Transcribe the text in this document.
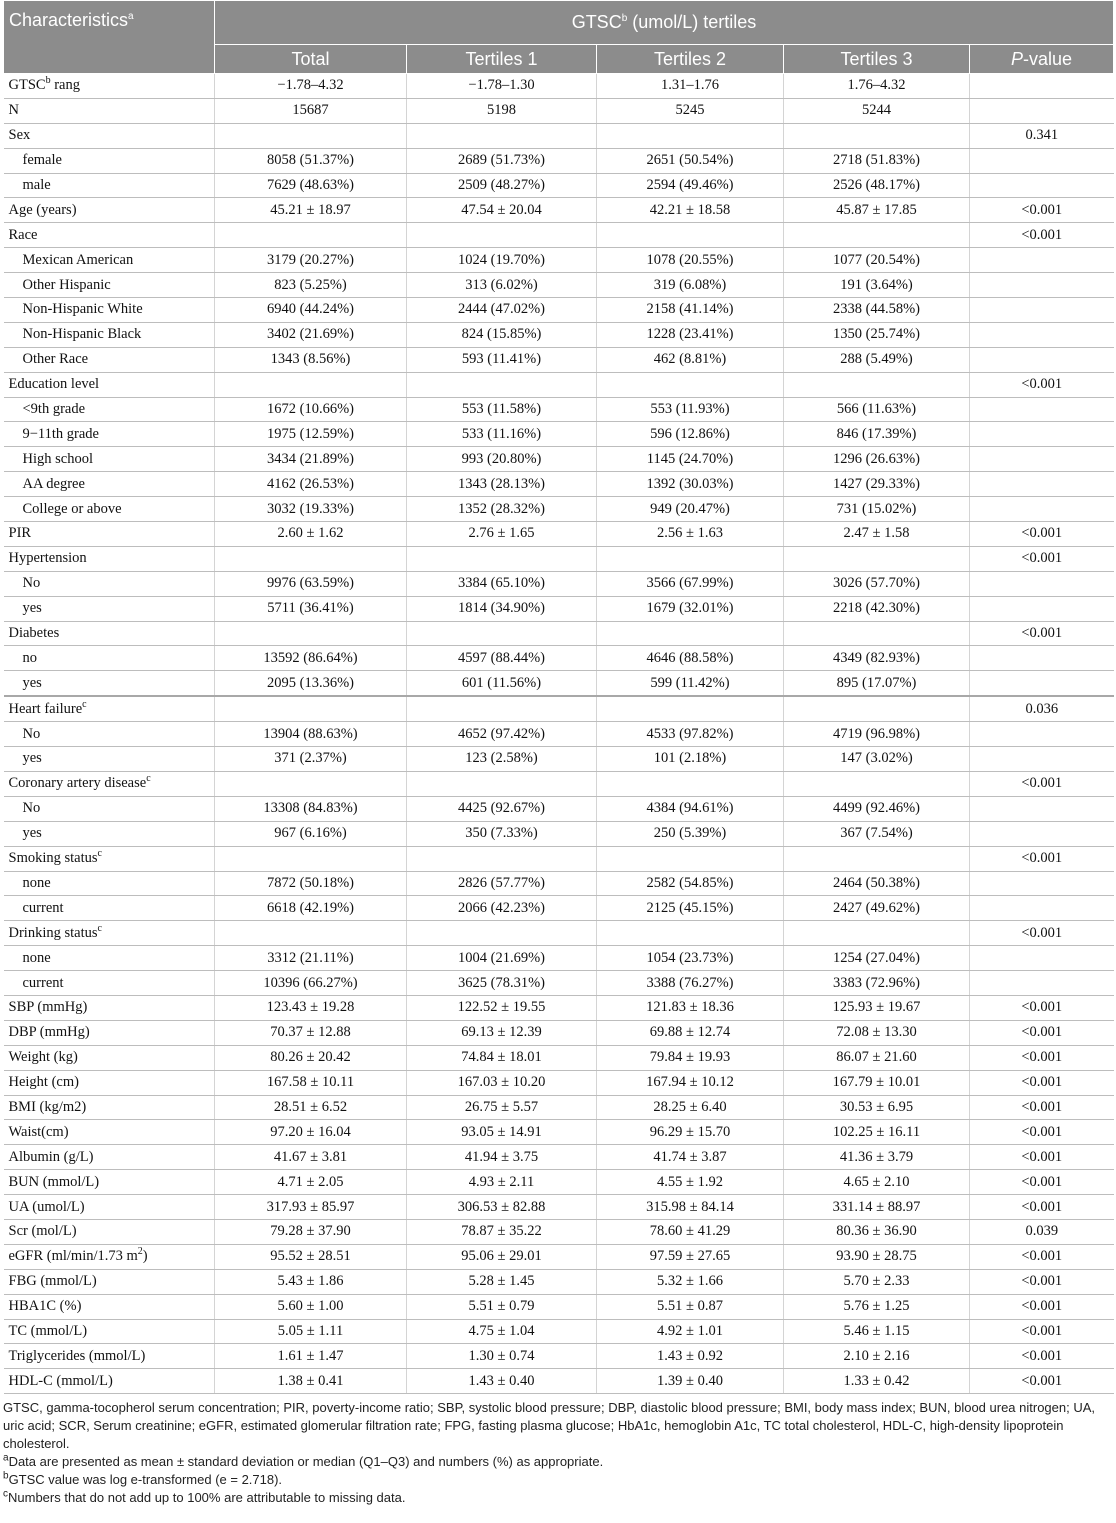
Characteristics$^a$	GTSC$^b$ (umol/L) tertiles				
	Total	Tertiles 1	Tertiles 2	Tertiles 3	P-value
GTSC$^b$ rang	−1.78–4.32	−1.78–1.30	1.31–1.76	1.76–4.32	
N	15687	5198	5245	5244	
Sex					0.341
female	8058 (51.37%)	2689 (51.73%)	2651 (50.54%)	2718 (51.83%)	
male	7629 (48.63%)	2509 (48.27%)	2594 (49.46%)	2526 (48.17%)	
Age (years)	45.21 ± 18.97	47.54 ± 20.04	42.21 ± 18.58	45.87 ± 17.85	<0.001
Race					<0.001
Mexican American	3179 (20.27%)	1024 (19.70%)	1078 (20.55%)	1077 (20.54%)	
Other Hispanic	823 (5.25%)	313 (6.02%)	319 (6.08%)	191 (3.64%)	
Non-Hispanic White	6940 (44.24%)	2444 (47.02%)	2158 (41.14%)	2338 (44.58%)	
Non-Hispanic Black	3402 (21.69%)	824 (15.85%)	1228 (23.41%)	1350 (25.74%)	
Other Race	1343 (8.56%)	593 (11.41%)	462 (8.81%)	288 (5.49%)	
Education level					<0.001
<9th grade	1672 (10.66%)	553 (11.58%)	553 (11.93%)	566 (11.63%)	
9−11th grade	1975 (12.59%)	533 (11.16%)	596 (12.86%)	846 (17.39%)	
High school	3434 (21.89%)	993 (20.80%)	1145 (24.70%)	1296 (26.63%)	
AA degree	4162 (26.53%)	1343 (28.13%)	1392 (30.03%)	1427 (29.33%)	
College or above	3032 (19.33%)	1352 (28.32%)	949 (20.47%)	731 (15.02%)	
PIR	2.60 ± 1.62	2.76 ± 1.65	2.56 ± 1.63	2.47 ± 1.58	<0.001
Hypertension					<0.001
No	9976 (63.59%)	3384 (65.10%)	3566 (67.99%)	3026 (57.70%)	
yes	5711 (36.41%)	1814 (34.90%)	1679 (32.01%)	2218 (42.30%)	
Diabetes					<0.001
no	13592 (86.64%)	4597 (88.44%)	4646 (88.58%)	4349 (82.93%)	
yes	2095 (13.36%)	601 (11.56%)	599 (11.42%)	895 (17.07%)	
Heart failure$^c$					0.036
No	13904 (88.63%)	4652 (97.42%)	4533 (97.82%)	4719 (96.98%)	
yes	371 (2.37%)	123 (2.58%)	101 (2.18%)	147 (3.02%)	
Coronary artery disease$^c$					<0.001
No	13308 (84.83%)	4425 (92.67%)	4384 (94.61%)	4499 (92.46%)	
yes	967 (6.16%)	350 (7.33%)	250 (5.39%)	367 (7.54%)	
Smoking status$^c$					<0.001
none	7872 (50.18%)	2826 (57.77%)	2582 (54.85%)	2464 (50.38%)	
current	6618 (42.19%)	2066 (42.23%)	2125 (45.15%)	2427 (49.62%)	
Drinking status$^c$					<0.001
none	3312 (21.11%)	1004 (21.69%)	1054 (23.73%)	1254 (27.04%)	
current	10396 (66.27%)	3625 (78.31%)	3388 (76.27%)	3383 (72.96%)	
SBP (mmHg)	123.43 ± 19.28	122.52 ± 19.55	121.83 ± 18.36	125.93 ± 19.67	<0.001
DBP (mmHg)	70.37 ± 12.88	69.13 ± 12.39	69.88 ± 12.74	72.08 ± 13.30	<0.001
Weight (kg)	80.26 ± 20.42	74.84 ± 18.01	79.84 ± 19.93	86.07 ± 21.60	<0.001
Height (cm)	167.58 ± 10.11	167.03 ± 10.20	167.94 ± 10.12	167.79 ± 10.01	<0.001
BMI (kg/m2)	28.51 ± 6.52	26.75 ± 5.57	28.25 ± 6.40	30.53 ± 6.95	<0.001
Waist(cm)	97.20 ± 16.04	93.05 ± 14.91	96.29 ± 15.70	102.25 ± 16.11	<0.001
Albumin (g/L)	41.67 ± 3.81	41.94 ± 3.75	41.74 ± 3.87	41.36 ± 3.79	<0.001
BUN (mmol/L)	4.71 ± 2.05	4.93 ± 2.11	4.55 ± 1.92	4.65 ± 2.10	<0.001
UA (umol/L)	317.93 ± 85.97	306.53 ± 82.88	315.98 ± 84.14	331.14 ± 88.97	<0.001
Scr (mol/L)	79.28 ± 37.90	78.87 ± 35.22	78.60 ± 41.29	80.36 ± 36.90	0.039
eGFR (ml/min/1.73 $m^2$)	95.52 ± 28.51	95.06 ± 29.01	97.59 ± 27.65	93.90 ± 28.75	<0.001
FBG (mmol/L)	5.43 ± 1.86	5.28 ± 1.45	5.32 ± 1.66	5.70 ± 2.33	<0.001
HBA1C (%)	5.60 ± 1.00	5.51 ± 0.79	5.51 ± 0.87	5.76 ± 1.25	<0.001
TC (mmol/L)	5.05 ± 1.11	4.75 ± 1.04	4.92 ± 1.01	5.46 ± 1.15	<0.001
Triglycerides (mmol/L)	1.61 ± 1.47	1.30 ± 0.74	1.43 ± 0.92	2.10 ± 2.16	<0.001
HDL-C (mmol/L)	1.38 ± 0.41	1.43 ± 0.40	1.39 ± 0.40	1.33 ± 0.42	<0.001

GTSC, gamma-tocopherol serum concentration; PIR, poverty-income ratio; SBP, systolic blood pressure; DBP, diastolic blood pressure; BMI, body mass index; BUN, blood urea nitrogen; UA, uric acid; SCR, Serum creatinine; eGFR, estimated glomerular filtration rate; FPG, fasting plasma glucose; HbA1c, hemoglobin A1c, TC total cholesterol, HDL-C, high-density lipoprotein cholesterol.

$^a$Data are presented as mean ± standard deviation or median (Q1–Q3) and numbers (%) as appropriate.

$^b$GTSC value was log e-transformed (e = 2.718).

$^c$Numbers that do not add up to 100% are attributable to missing data.
